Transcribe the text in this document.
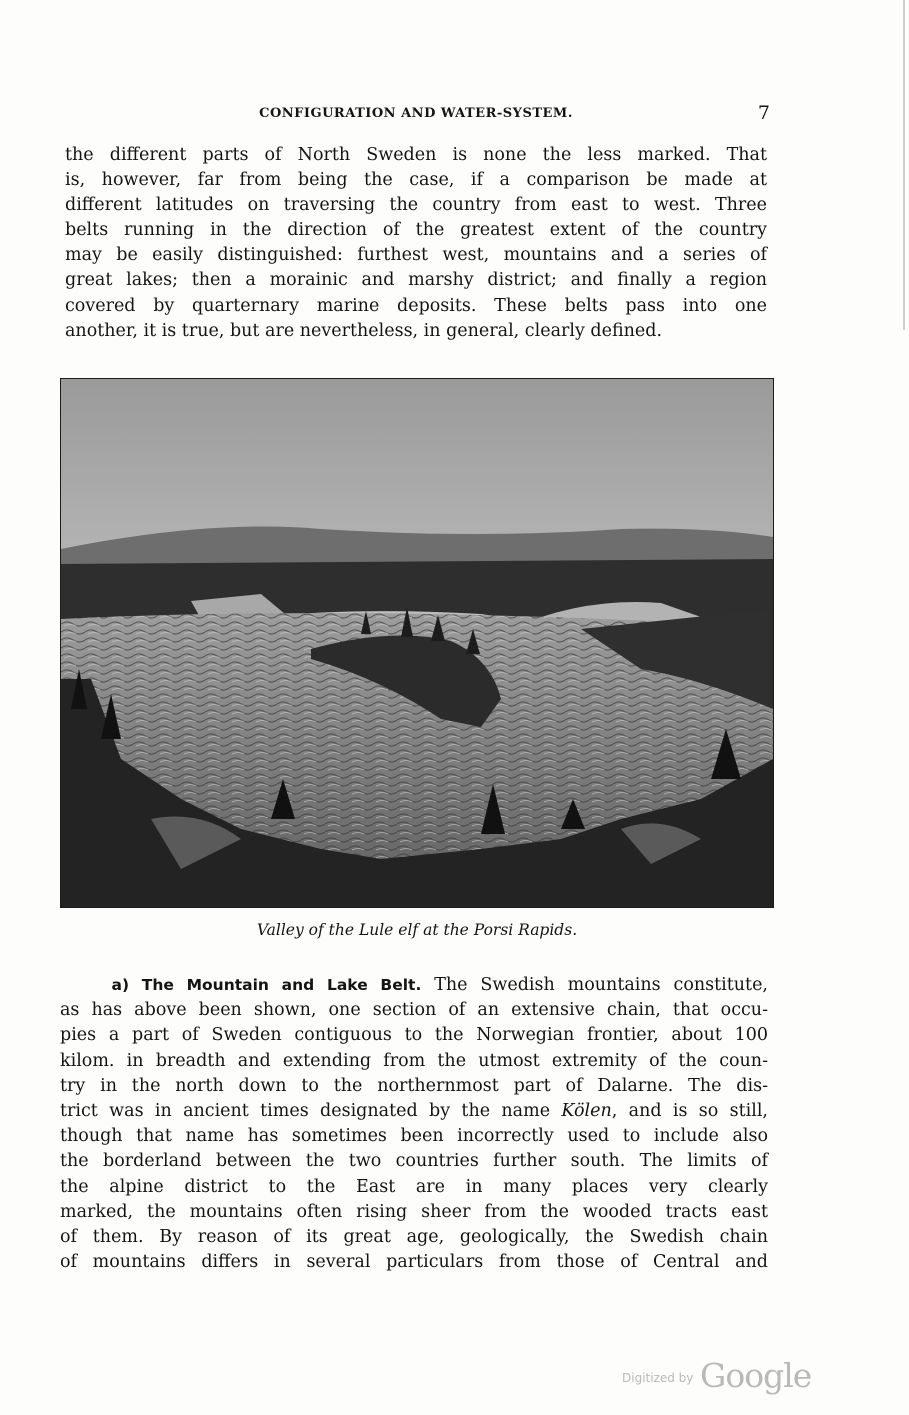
CONFIGURATION AND WATER-SYSTEM.	7

the different parts of North Sweden is none the less marked. That
is, however, far from being the case, if a comparison be made at
different latitudes on traversing the country from east to west. Three
belts running in the direction of the greatest extent of the country
may be easily distinguished: furthest west, mountains and a series of
great lakes; then a morainic and marshy district; and finally a region
covered by quarternary marine deposits. These belts pass into one
another, it is true, but are nevertheless, in general, clearly defined.

Valley of the Lule elf at the Porsi Rapids.

a) The Mountain and Lake Belt. The Swedish mountains constitute,
as has above been shown, one section of an extensive chain, that occu-
pies a part of Sweden contiguous to the Norwegian frontier, about 100
kilom. in breadth and extending from the utmost extremity of the coun-
try in the north down to the northernmost part of Dalarne. The dis-
trict was in ancient times designated by the name Kölen, and is so still,
though that name has sometimes been incorrectly used to include also
the borderland between the two countries further south. The limits of
the alpine district to the East are in many places very clearly
marked, the mountains often rising sheer from the wooded tracts east
of them. By reason of its great age, geologically, the Swedish chain
of mountains differs in several particulars from those of Central and

Digitized by Google
